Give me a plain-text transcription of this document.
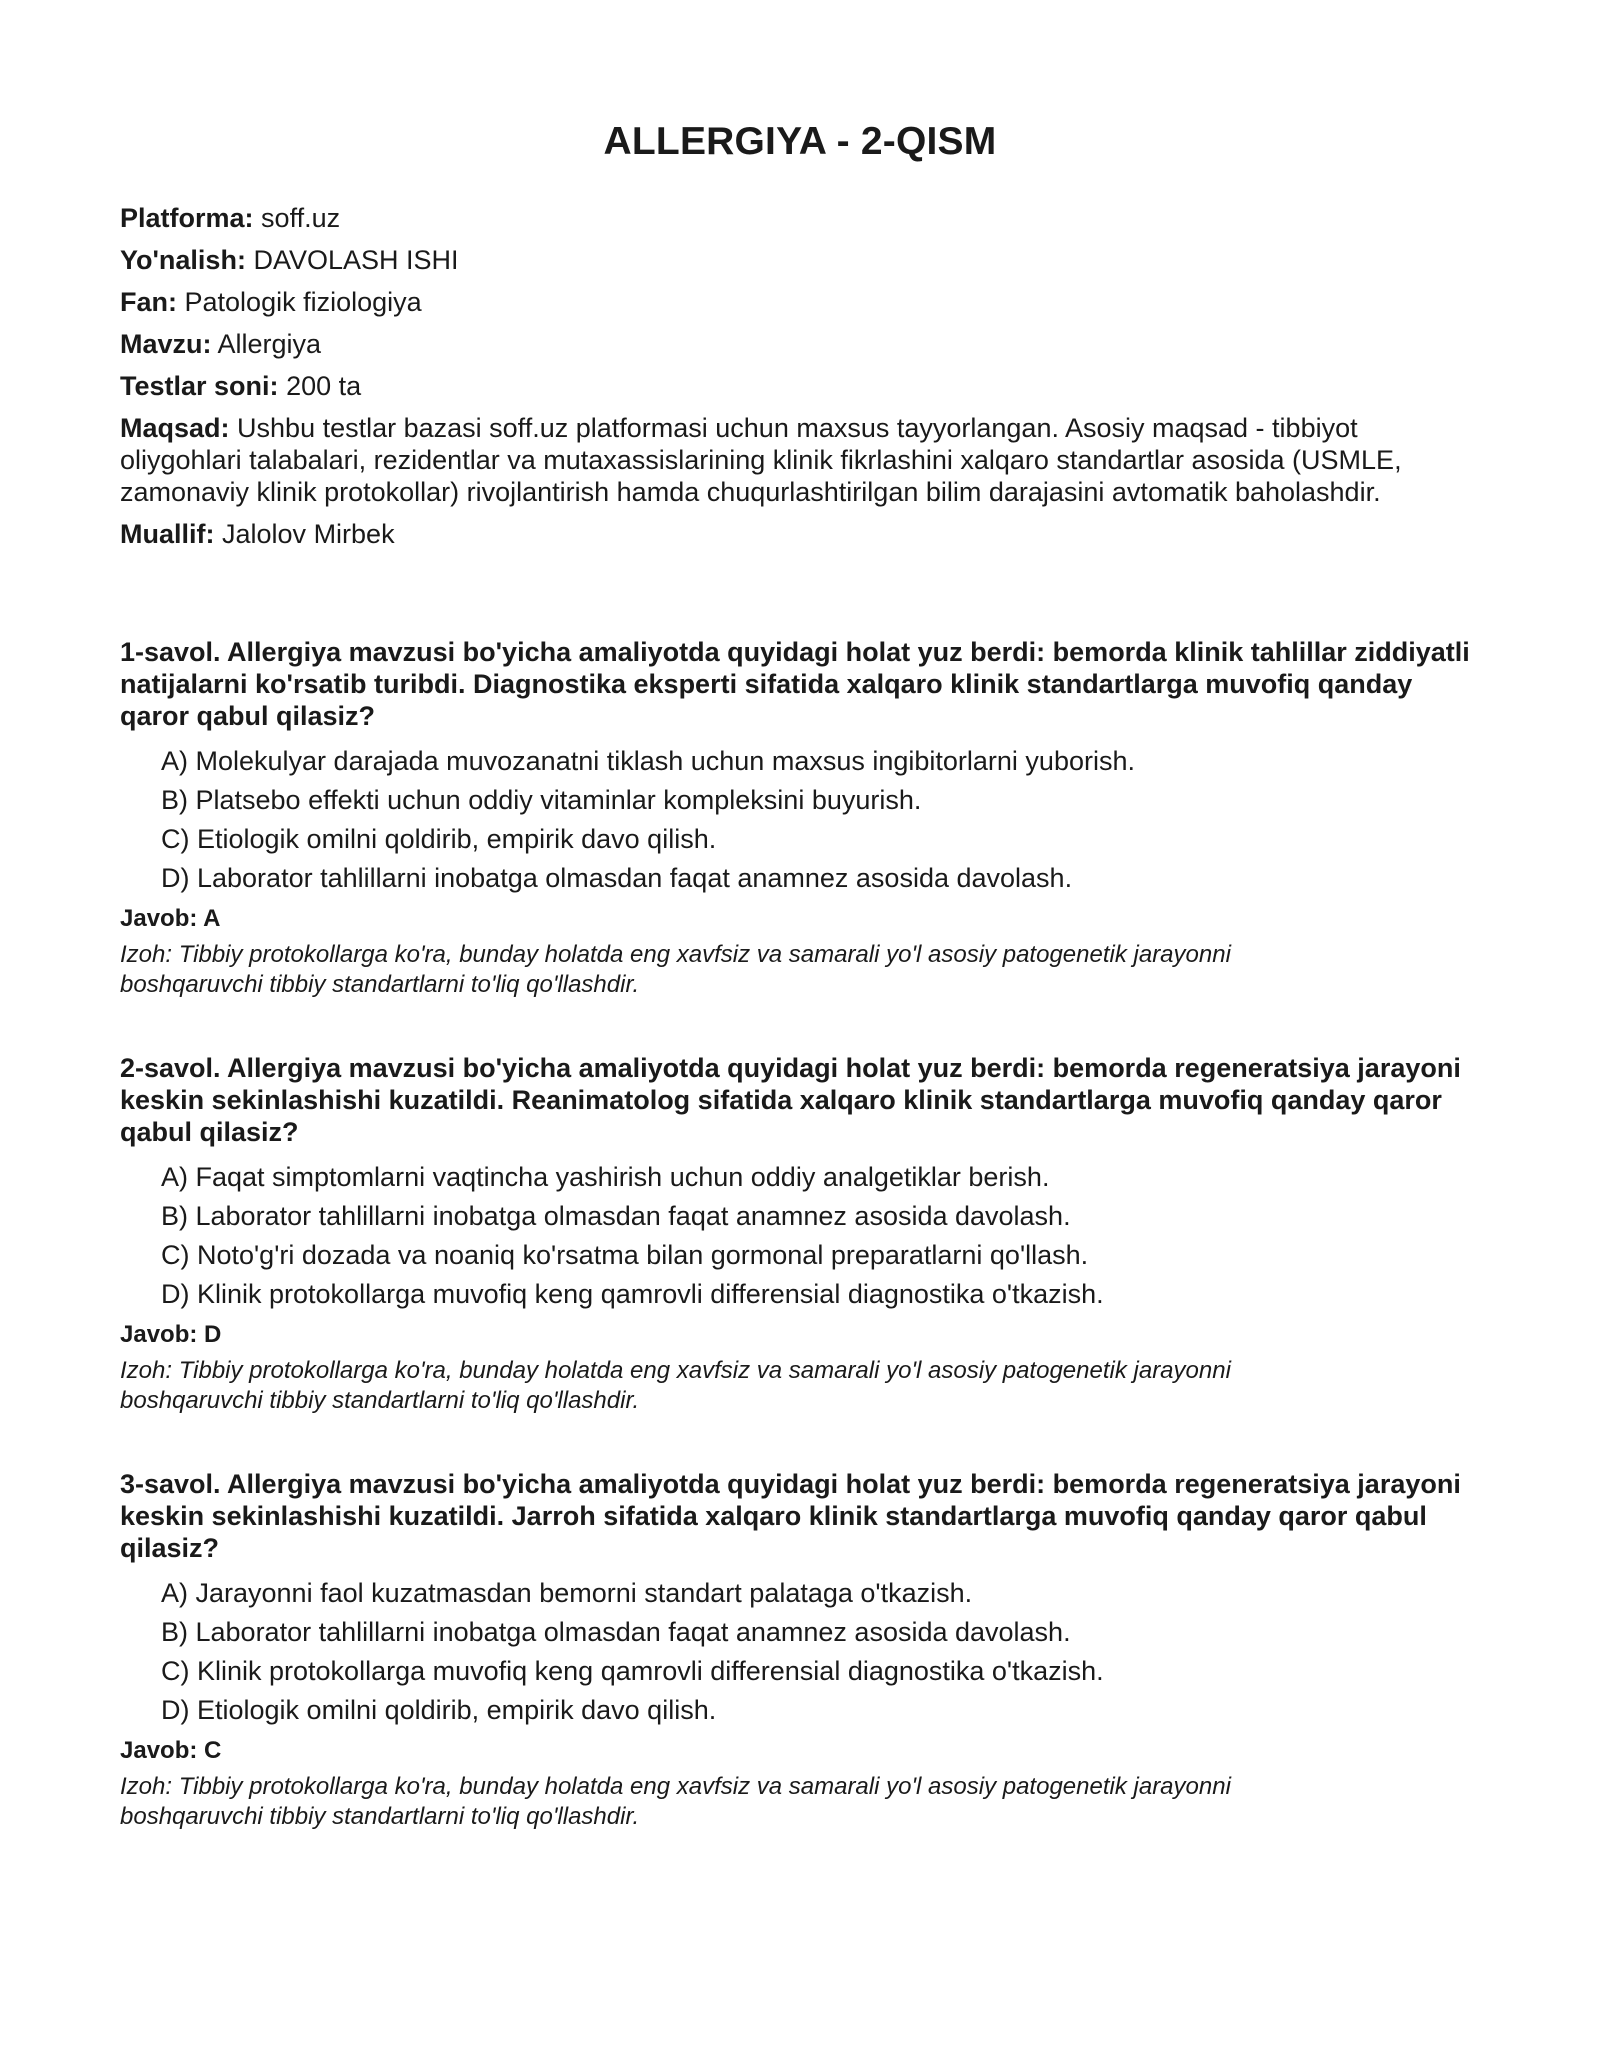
ALLERGIYA - 2-QISM
Platforma: soff.uz
Yo'nalish: DAVOLASH ISHI
Fan: Patologik fiziologiya
Mavzu: Allergiya
Testlar soni: 200 ta
Maqsad: Ushbu testlar bazasi soff.uz platformasi uchun maxsus tayyorlangan. Asosiy maqsad - tibbiyot oliygohlari talabalari, rezidentlar va mutaxassislarining klinik fikrlashini xalqaro standartlar asosida (USMLE, zamonaviy klinik protokollar) rivojlantirish hamda chuqurlashtirilgan bilim darajasini avtomatik baholashdir.
Muallif: Jalolov Mirbek
1-savol. Allergiya mavzusi bo'yicha amaliyotda quyidagi holat yuz berdi: bemorda klinik tahlillar ziddiyatli natijalarni ko'rsatib turibdi. Diagnostika eksperti sifatida xalqaro klinik standartlarga muvofiq qanday qaror qabul qilasiz?
A) Molekulyar darajada muvozanatni tiklash uchun maxsus ingibitorlarni yuborish.
B) Platsebo effekti uchun oddiy vitaminlar kompleksini buyurish.
C) Etiologik omilni qoldirib, empirik davo qilish.
D) Laborator tahlillarni inobatga olmasdan faqat anamnez asosida davolash.
Javob: A
Izoh: Tibbiy protokollarga ko'ra, bunday holatda eng xavfsiz va samarali yo'l asosiy patogenetik jarayonni boshqaruvchi tibbiy standartlarni to'liq qo'llashdir.
2-savol. Allergiya mavzusi bo'yicha amaliyotda quyidagi holat yuz berdi: bemorda regeneratsiya jarayoni keskin sekinlashishi kuzatildi. Reanimatolog sifatida xalqaro klinik standartlarga muvofiq qanday qaror qabul qilasiz?
A) Faqat simptomlarni vaqtincha yashirish uchun oddiy analgetiklar berish.
B) Laborator tahlillarni inobatga olmasdan faqat anamnez asosida davolash.
C) Noto'g'ri dozada va noaniq ko'rsatma bilan gormonal preparatlarni qo'llash.
D) Klinik protokollarga muvofiq keng qamrovli differensial diagnostika o'tkazish.
Javob: D
Izoh: Tibbiy protokollarga ko'ra, bunday holatda eng xavfsiz va samarali yo'l asosiy patogenetik jarayonni boshqaruvchi tibbiy standartlarni to'liq qo'llashdir.
3-savol. Allergiya mavzusi bo'yicha amaliyotda quyidagi holat yuz berdi: bemorda regeneratsiya jarayoni keskin sekinlashishi kuzatildi. Jarroh sifatida xalqaro klinik standartlarga muvofiq qanday qaror qabul qilasiz?
A) Jarayonni faol kuzatmasdan bemorni standart palataga o'tkazish.
B) Laborator tahlillarni inobatga olmasdan faqat anamnez asosida davolash.
C) Klinik protokollarga muvofiq keng qamrovli differensial diagnostika o'tkazish.
D) Etiologik omilni qoldirib, empirik davo qilish.
Javob: C
Izoh: Tibbiy protokollarga ko'ra, bunday holatda eng xavfsiz va samarali yo'l asosiy patogenetik jarayonni boshqaruvchi tibbiy standartlarni to'liq qo'llashdir.
